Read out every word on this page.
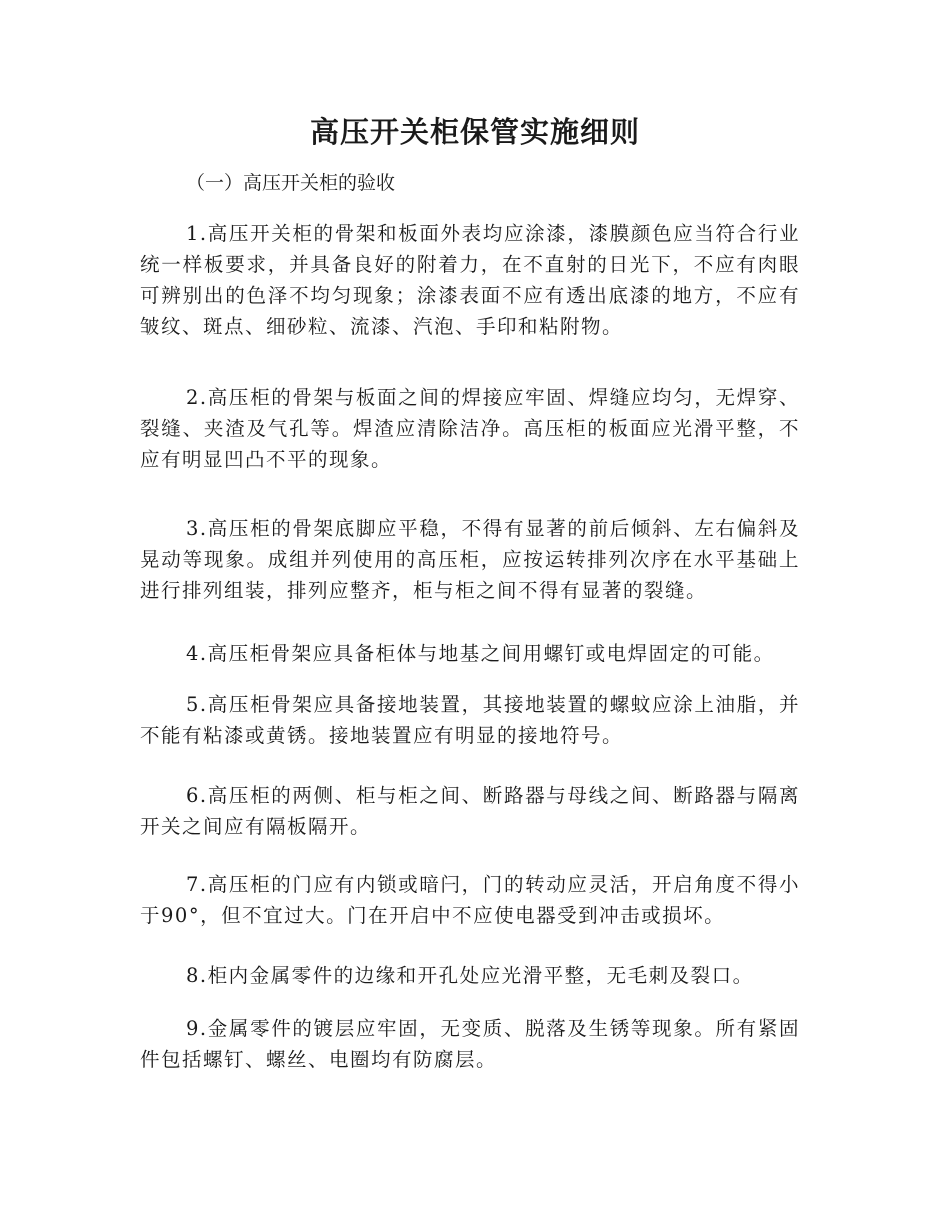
高压开关柜保管实施细则

（一）高压开关柜的验收

1.高压开关柜的骨架和板面外表均应涂漆，漆膜颜色应当符合行业统一样板要求，并具备良好的附着力，在不直射的日光下，不应有肉眼可辨别出的色泽不均匀现象；涂漆表面不应有透出底漆的地方，不应有皱纹、斑点、细砂粒、流漆、汽泡、手印和粘附物。

2.高压柜的骨架与板面之间的焊接应牢固、焊缝应均匀，无焊穿、裂缝、夹渣及气孔等。焊渣应清除洁净。高压柜的板面应光滑平整，不应有明显凹凸不平的现象。

3.高压柜的骨架底脚应平稳，不得有显著的前后倾斜、左右偏斜及晃动等现象。成组并列使用的高压柜，应按运转排列次序在水平基础上进行排列组装，排列应整齐，柜与柜之间不得有显著的裂缝。

4.高压柜骨架应具备柜体与地基之间用螺钉或电焊固定的可能。

5.高压柜骨架应具备接地装置，其接地装置的螺蚊应涂上油脂，并不能有粘漆或黄锈。接地装置应有明显的接地符号。

6.高压柜的两侧、柜与柜之间、断路器与母线之间、断路器与隔离开关之间应有隔板隔开。

7.高压柜的门应有内锁或暗闩，门的转动应灵活，开启角度不得小于90°，但不宜过大。门在开启中不应使电器受到冲击或损坏。

8.柜内金属零件的边缘和开孔处应光滑平整，无毛刺及裂口。

9.金属零件的镀层应牢固，无变质、脱落及生锈等现象。所有紧固件包括螺钉、螺丝、电圈均有防腐层。
